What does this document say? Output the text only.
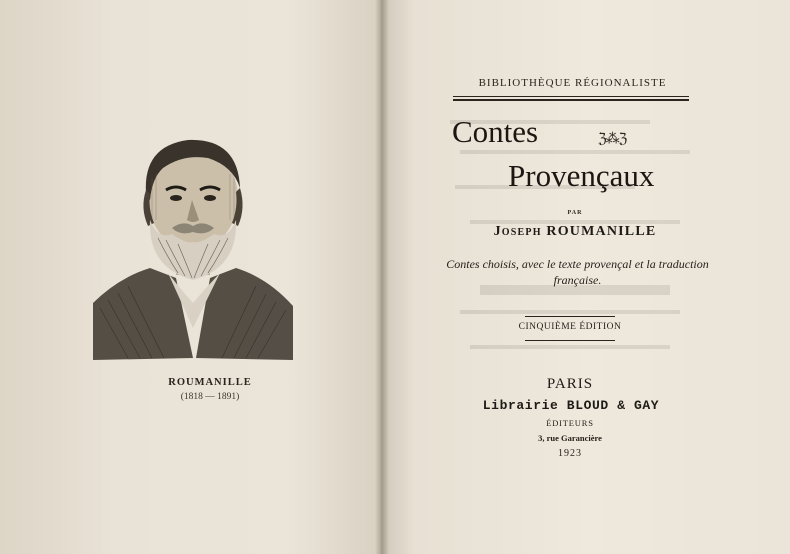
ROUMANILLE
(1818 — 1891)
BIBLIOTHÈQUE RÉGIONALISTE
Contes	ℨ⁂ℨ
Provençaux
PAR
Joseph ROUMANILLE
Contes choisis, avec le texte provençal et la traduction française.
CINQUIÈME ÉDITION
PARIS
Librairie BLOUD & GAY
ÉDITEURS
3, rue Garancière
1923
